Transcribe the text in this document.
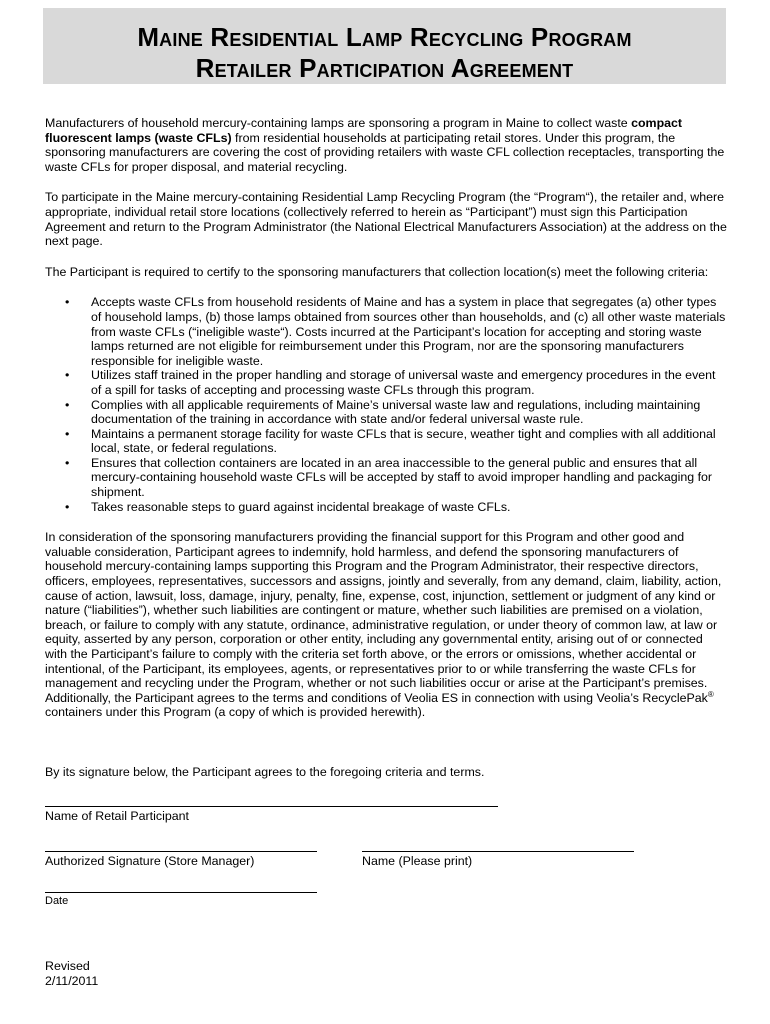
Maine Residential Lamp Recycling Program
Retailer Participation Agreement

Manufacturers of household mercury-containing lamps are sponsoring a program in Maine to collect waste compact fluorescent lamps (waste CFLs) from residential households at participating retail stores. Under this program, the sponsoring manufacturers are covering the cost of providing retailers with waste CFL collection receptacles, transporting the waste CFLs for proper disposal, and material recycling.

To participate in the Maine mercury-containing Residential Lamp Recycling Program (the “Program“), the retailer and, where appropriate, individual retail store locations (collectively referred to herein as “Participant”) must sign this Participation Agreement and return to the Program Administrator (the National Electrical Manufacturers Association) at the address on the next page.

The Participant is required to certify to the sponsoring manufacturers that collection location(s) meet the following criteria:

• Accepts waste CFLs from household residents of Maine and has a system in place that segregates (a) other types of household lamps, (b) those lamps obtained from sources other than households, and (c) all other waste materials from waste CFLs (“ineligible waste“). Costs incurred at the Participant’s location for accepting and storing waste lamps returned are not eligible for reimbursement under this Program, nor are the sponsoring manufacturers responsible for ineligible waste.
• Utilizes staff trained in the proper handling and storage of universal waste and emergency procedures in the event of a spill for tasks of accepting and processing waste CFLs through this program.
• Complies with all applicable requirements of Maine’s universal waste law and regulations, including maintaining documentation of the training in accordance with state and/or federal universal waste rule.
• Maintains a permanent storage facility for waste CFLs that is secure, weather tight and complies with all additional local, state, or federal regulations.
• Ensures that collection containers are located in an area inaccessible to the general public and ensures that all mercury-containing household waste CFLs will be accepted by staff to avoid improper handling and packaging for shipment.
• Takes reasonable steps to guard against incidental breakage of waste CFLs.

In consideration of the sponsoring manufacturers providing the financial support for this Program and other good and valuable consideration, Participant agrees to indemnify, hold harmless, and defend the sponsoring manufacturers of household mercury-containing lamps supporting this Program and the Program Administrator, their respective directors, officers, employees, representatives, successors and assigns, jointly and severally, from any demand, claim, liability, action, cause of action, lawsuit, loss, damage, injury, penalty, fine, expense, cost, injunction, settlement or judgment of any kind or nature (“liabilities”), whether such liabilities are contingent or mature, whether such liabilities are premised on a violation, breach, or failure to comply with any statute, ordinance, administrative regulation, or under theory of common law, at law or equity, asserted by any person, corporation or other entity, including any governmental entity, arising out of or connected with the Participant’s failure to comply with the criteria set forth above, or the errors or omissions, whether accidental or intentional, of the Participant, its employees, agents, or representatives prior to or while transferring the waste CFLs for management and recycling under the Program, whether or not such liabilities occur or arise at the Participant’s premises. Additionally, the Participant agrees to the terms and conditions of Veolia ES in connection with using Veolia’s RecyclePak® containers under this Program (a copy of which is provided herewith).

By its signature below, the Participant agrees to the foregoing criteria and terms.
Name of Retail Participant
Authorized Signature (Store Manager)	Name (Please print)
Date
Revised
2/11/2011
